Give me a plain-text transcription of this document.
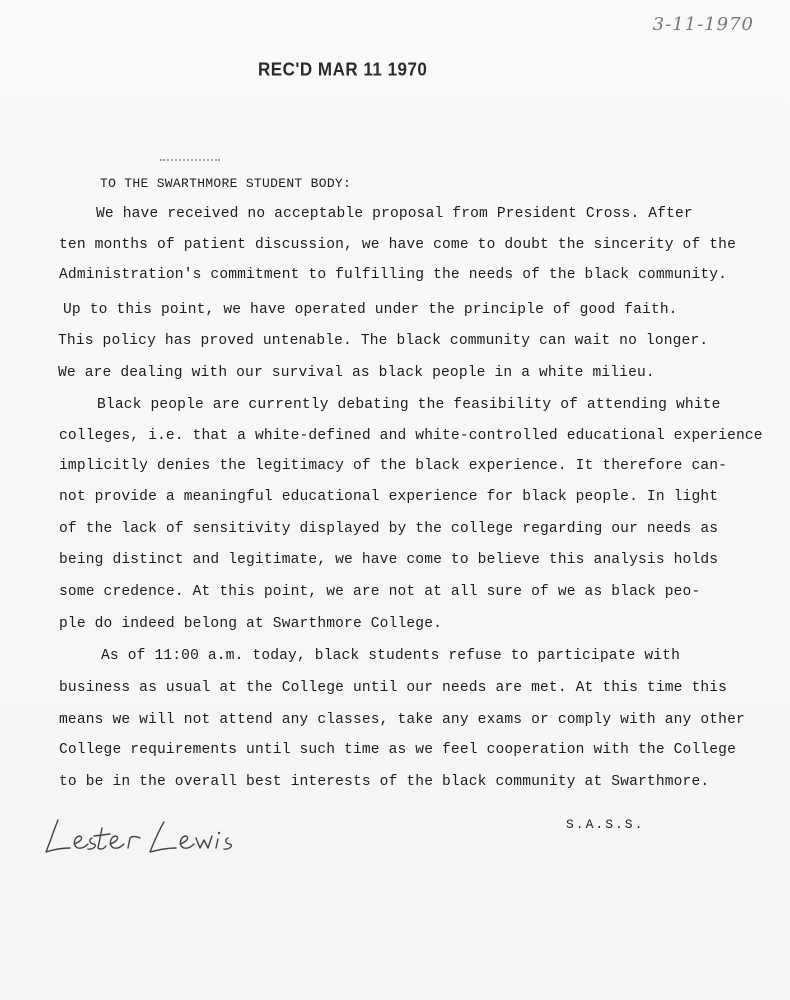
3-11-1970
REC'D MAR 11 1970
TO THE SWARTHMORE STUDENT BODY:
We have received no acceptable proposal from President Cross. After
ten months of patient discussion, we have come to doubt the sincerity of the
Administration's commitment to fulfilling the needs of the black community.
Up to this point, we have operated under the principle of good faith.
This policy has proved untenable. The black community can wait no longer.
We are dealing with our survival as black people in a white milieu.
Black people are currently debating the feasibility of attending white
colleges, i.e. that a white-defined and white-controlled educational experience
implicitly denies the legitimacy of the black experience. It therefore can-
not provide a meaningful educational experience for black people. In light
of the lack of sensitivity displayed by the college regarding our needs as
being distinct and legitimate, we have come to believe this analysis holds
some credence. At this point, we are not at all sure of we as black peo-
ple do indeed belong at Swarthmore College.
As of 11:00 a.m. today, black students refuse to participate with
business as usual at the College until our needs are met. At this time this
means we will not attend any classes, take any exams or comply with any other
College requirements until such time as we feel cooperation with the College
to be in the overall best interests of the black community at Swarthmore.
S.A.S.S.
